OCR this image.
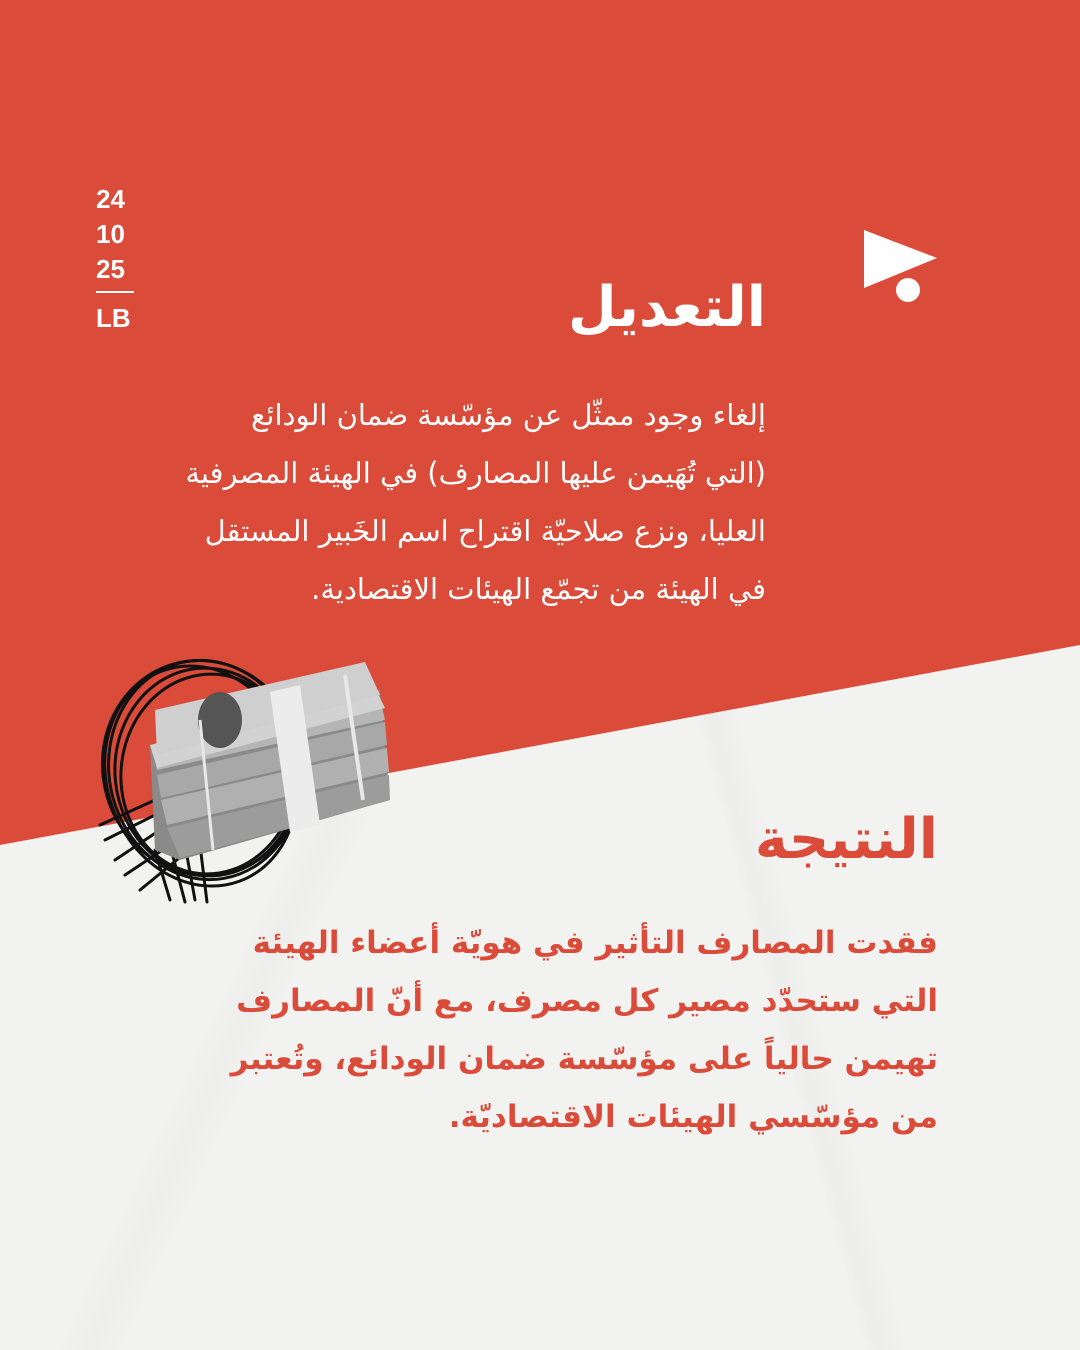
24
10
25
LB	التعديل

إلغاء وجود ممثّل عن مؤسّسة ضمان الودائع
(التي تُهَيمن عليها المصارف) في الهيئة المصرفية
العليا، ونزع صلاحيّة اقتراح اسم الخَبير المستقل
في الهيئة من تجمّع الهيئات الاقتصادية.

النتيجة

فقدت المصارف التأثير في هويّة أعضاء الهيئة
التي ستحدّد مصير كل مصرف، مع أنّ المصارف
تهيمن حالياً على مؤسّسة ضمان الودائع، وتُعتبر
من مؤسّسي الهيئات الاقتصاديّة.
